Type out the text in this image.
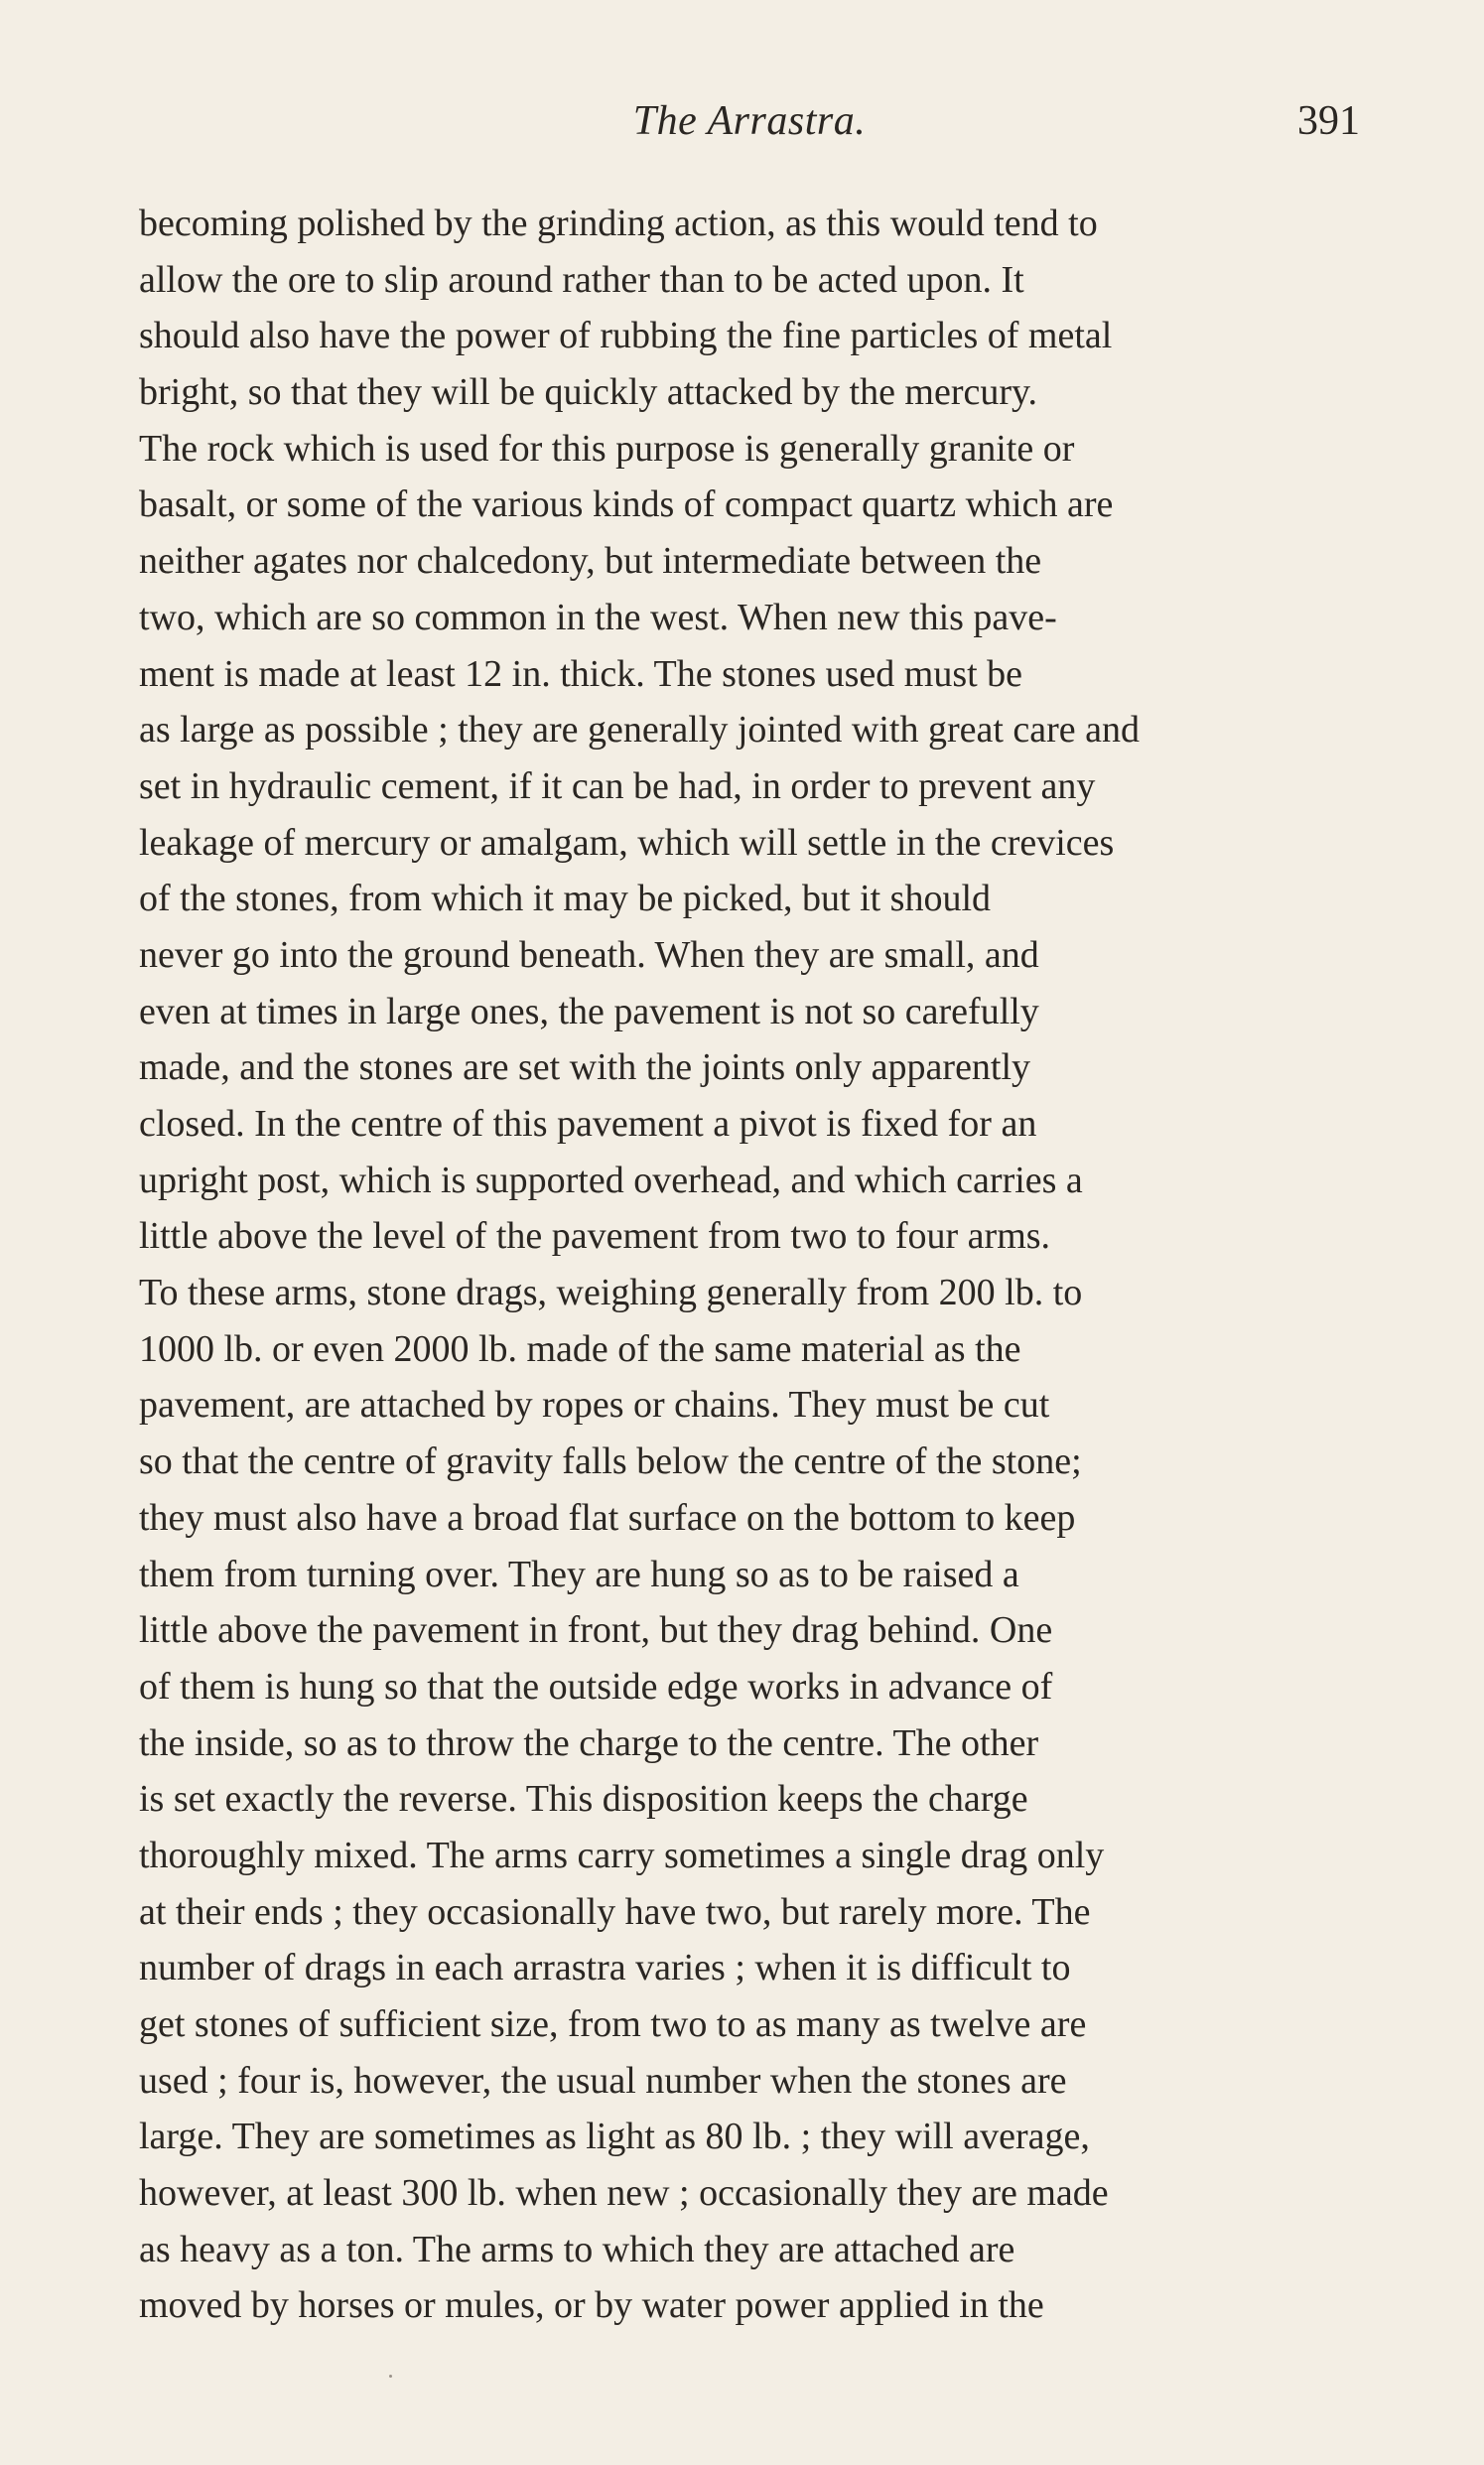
The Arrastra.	391
becoming polished by the grinding action, as this would tend to
allow the ore to slip around rather than to be acted upon. It
should also have the power of rubbing the fine particles of metal
bright, so that they will be quickly attacked by the mercury.
The rock which is used for this purpose is generally granite or
basalt, or some of the various kinds of compact quartz which are
neither agates nor chalcedony, but intermediate between the
two, which are so common in the west. When new this pave-
ment is made at least 12 in. thick. The stones used must be
as large as possible ; they are generally jointed with great care and
set in hydraulic cement, if it can be had, in order to prevent any
leakage of mercury or amalgam, which will settle in the crevices
of the stones, from which it may be picked, but it should
never go into the ground beneath. When they are small, and
even at times in large ones, the pavement is not so carefully
made, and the stones are set with the joints only apparently
closed. In the centre of this pavement a pivot is fixed for an
upright post, which is supported overhead, and which carries a
little above the level of the pavement from two to four arms.
To these arms, stone drags, weighing generally from 200 lb. to
1000 lb. or even 2000 lb. made of the same material as the
pavement, are attached by ropes or chains. They must be cut
so that the centre of gravity falls below the centre of the stone;
they must also have a broad flat surface on the bottom to keep
them from turning over. They are hung so as to be raised a
little above the pavement in front, but they drag behind. One
of them is hung so that the outside edge works in advance of
the inside, so as to throw the charge to the centre. The other
is set exactly the reverse. This disposition keeps the charge
thoroughly mixed. The arms carry sometimes a single drag only
at their ends ; they occasionally have two, but rarely more. The
number of drags in each arrastra varies ; when it is difficult to
get stones of sufficient size, from two to as many as twelve are
used ; four is, however, the usual number when the stones are
large. They are sometimes as light as 80 lb. ; they will average,
however, at least 300 lb. when new ; occasionally they are made
as heavy as a ton. The arms to which they are attached are
moved by horses or mules, or by water power applied in the
